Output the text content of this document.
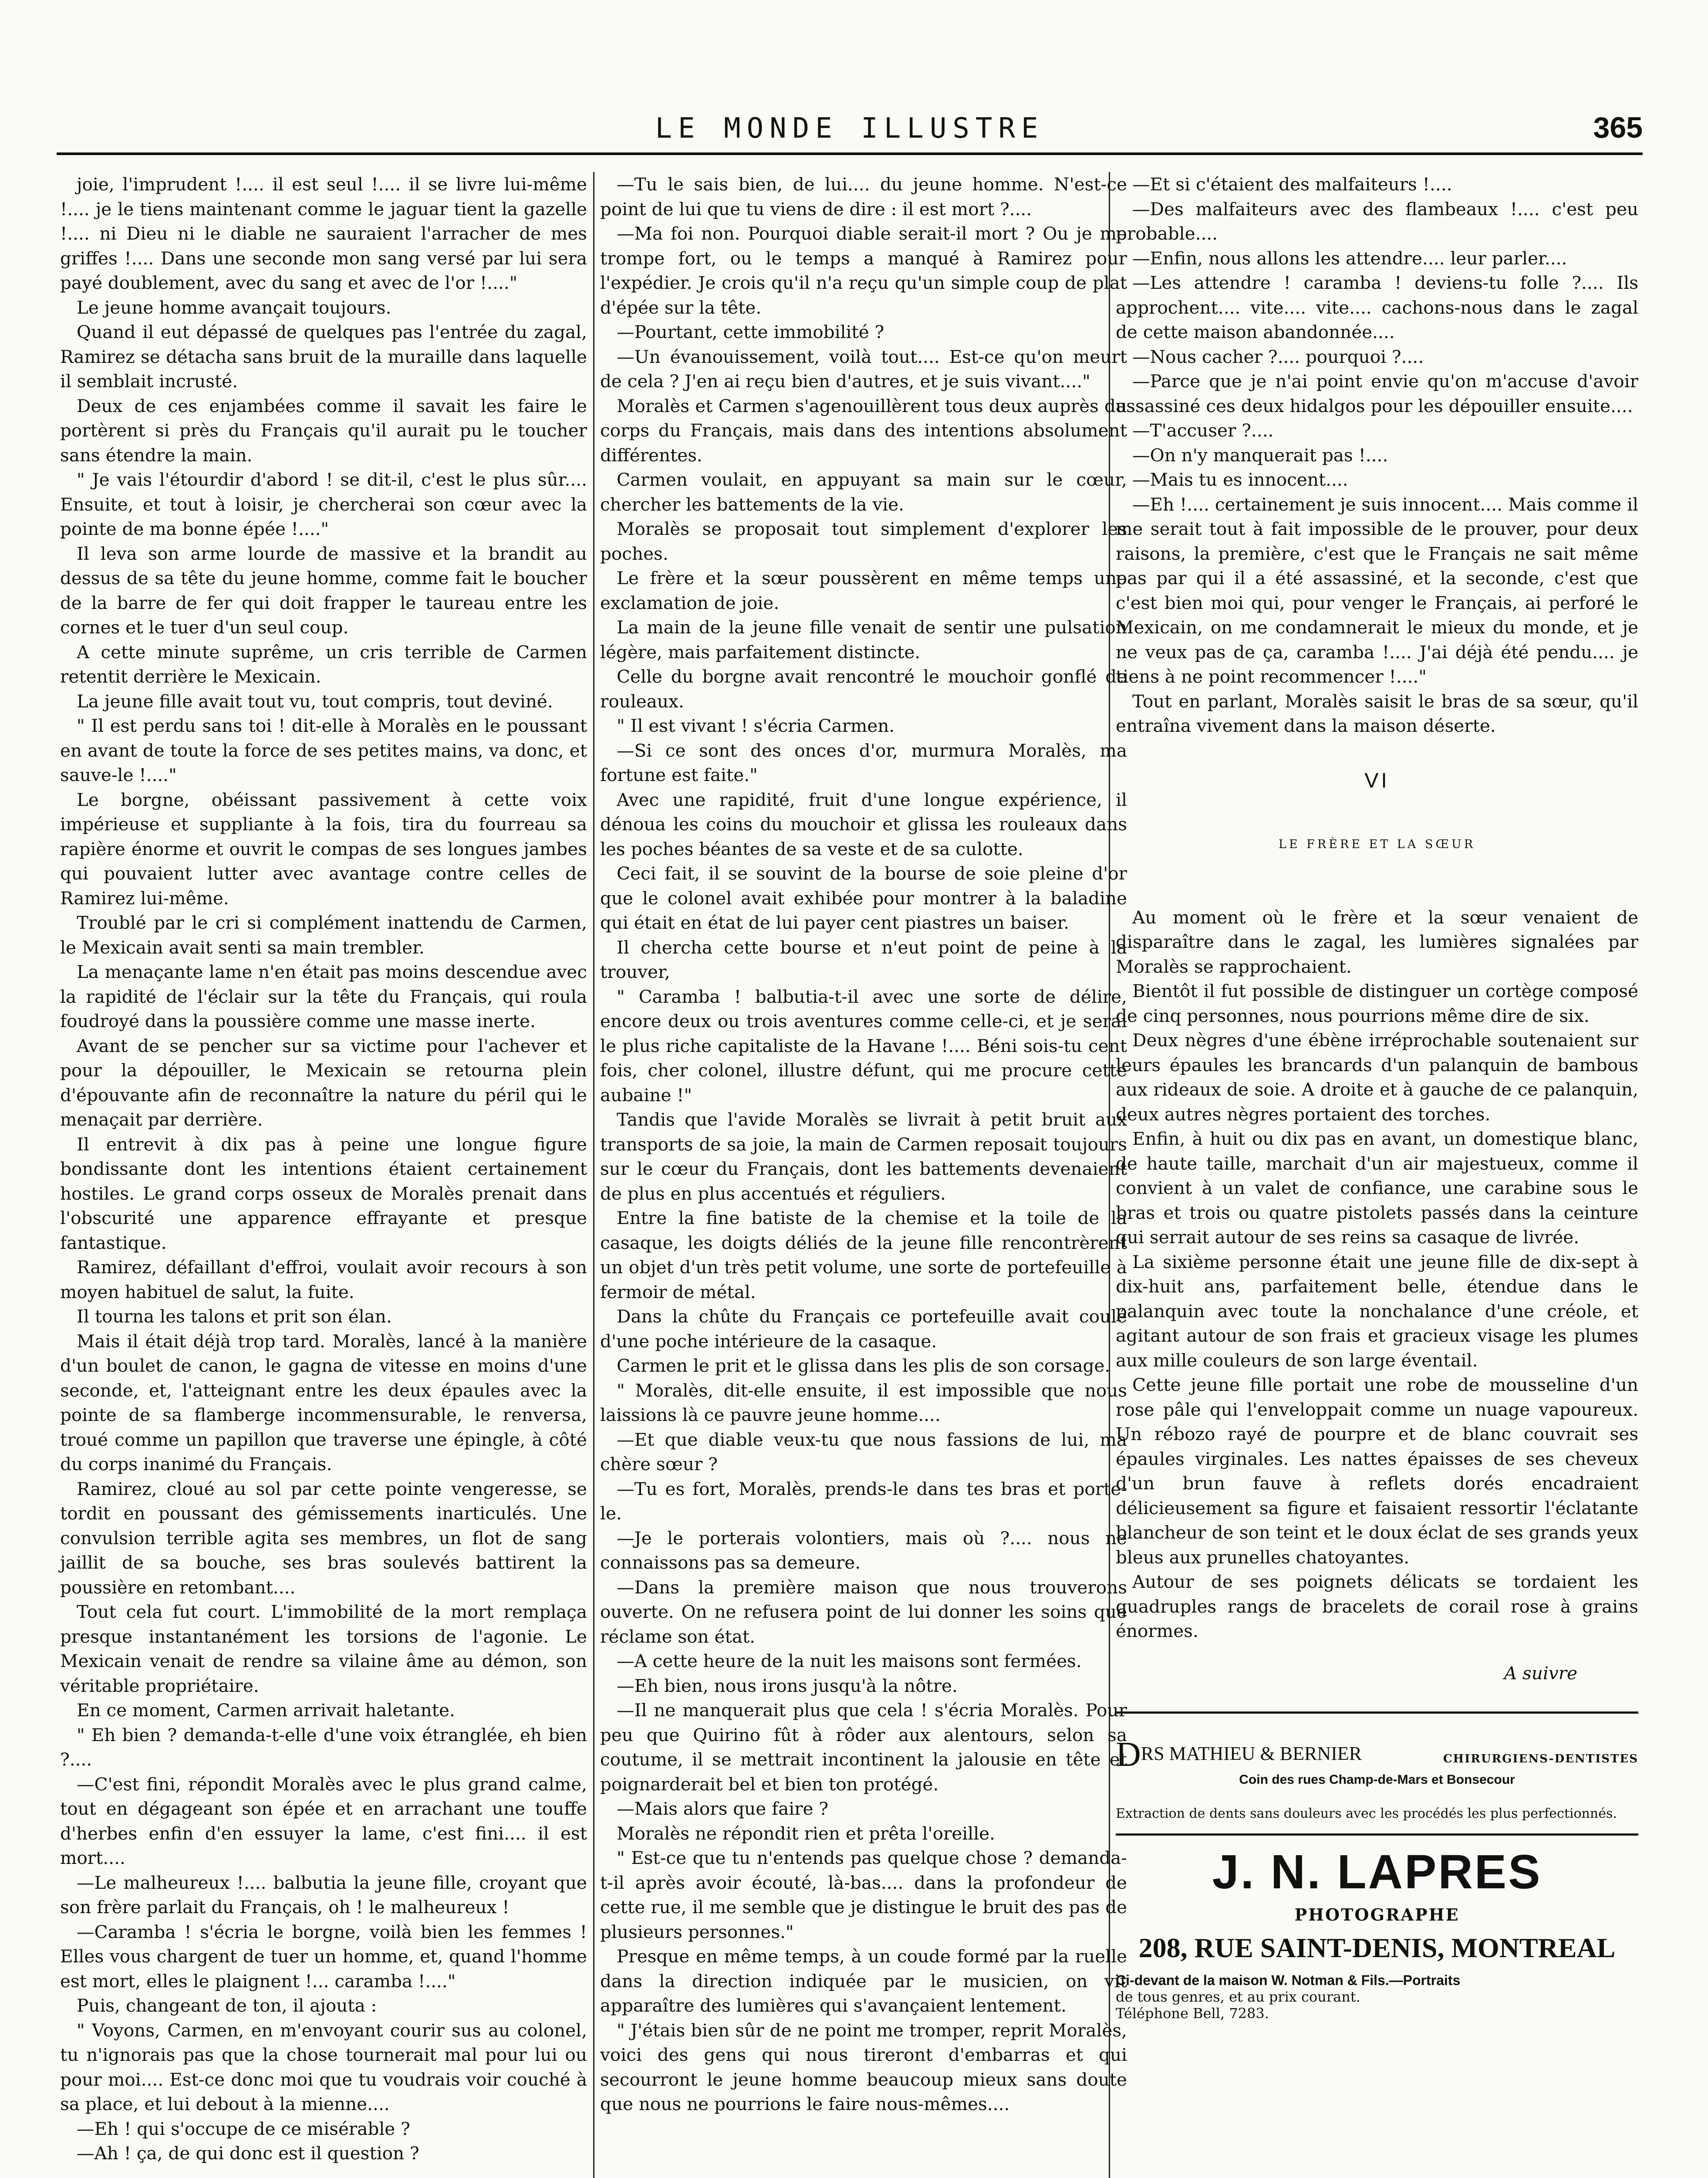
LE MONDE ILLUSTRE	365

joie, l'imprudent !.... il est seul !.... il se livre lui-même !.... je le tiens maintenant comme le jaguar tient la gazelle !.... ni Dieu ni le diable ne sauraient l'arracher de mes griffes !.... Dans une seconde mon sang versé par lui sera payé doublement, avec du sang et avec de l'or !...."

Le jeune homme avançait toujours.

Quand il eut dépassé de quelques pas l'entrée du zagal, Ramirez se détacha sans bruit de la muraille dans laquelle il semblait incrusté.

Deux de ces enjambées comme il savait les faire le portèrent si près du Français qu'il aurait pu le toucher sans étendre la main.

" Je vais l'étourdir d'abord ! se dit-il, c'est le plus sûr.... Ensuite, et tout à loisir, je chercherai son cœur avec la pointe de ma bonne épée !...."

Il leva son arme lourde de massive et la brandit au dessus de sa tête du jeune homme, comme fait le boucher de la barre de fer qui doit frapper le taureau entre les cornes et le tuer d'un seul coup.

A cette minute suprême, un cris terrible de Carmen retentit derrière le Mexicain.

La jeune fille avait tout vu, tout compris, tout deviné.

" Il est perdu sans toi ! dit-elle à Moralès en le poussant en avant de toute la force de ses petites mains, va donc, et sauve-le !...."

Le borgne, obéissant passivement à cette voix impérieuse et suppliante à la fois, tira du fourreau sa rapière énorme et ouvrit le compas de ses longues jambes qui pouvaient lutter avec avantage contre celles de Ramirez lui-même.

Troublé par le cri si complément inattendu de Carmen, le Mexicain avait senti sa main trembler.

La menaçante lame n'en était pas moins descendue avec la rapidité de l'éclair sur la tête du Français, qui roula foudroyé dans la poussière comme une masse inerte.

Avant de se pencher sur sa victime pour l'achever et pour la dépouiller, le Mexicain se retourna plein d'épouvante afin de reconnaître la nature du péril qui le menaçait par derrière.

Il entrevit à dix pas à peine une longue figure bondissante dont les intentions étaient certainement hostiles. Le grand corps osseux de Moralès prenait dans l'obscurité une apparence effrayante et presque fantastique.

Ramirez, défaillant d'effroi, voulait avoir recours à son moyen habituel de salut, la fuite.

Il tourna les talons et prit son élan.

Mais il était déjà trop tard. Moralès, lancé à la manière d'un boulet de canon, le gagna de vitesse en moins d'une seconde, et, l'atteignant entre les deux épaules avec la pointe de sa flamberge incommensurable, le renversa, troué comme un papillon que traverse une épingle, à côté du corps inanimé du Français.

Ramirez, cloué au sol par cette pointe vengeresse, se tordit en poussant des gémissements inarticulés. Une convulsion terrible agita ses membres, un flot de sang jaillit de sa bouche, ses bras soulevés battirent la poussière en retombant....

Tout cela fut court. L'immobilité de la mort remplaça presque instantanément les torsions de l'agonie. Le Mexicain venait de rendre sa vilaine âme au démon, son véritable propriétaire.

En ce moment, Carmen arrivait haletante.

" Eh bien ? demanda-t-elle d'une voix étranglée, eh bien ?....

—C'est fini, répondit Moralès avec le plus grand calme, tout en dégageant son épée et en arrachant une touffe d'herbes enfin d'en essuyer la lame, c'est fini.... il est mort....

—Le malheureux !.... balbutia la jeune fille, croyant que son frère parlait du Français, oh ! le malheureux !

—Caramba ! s'écria le borgne, voilà bien les femmes ! Elles vous chargent de tuer un homme, et, quand l'homme est mort, elles le plaignent !... caramba !...."

Puis, changeant de ton, il ajouta :

" Voyons, Carmen, en m'envoyant courir sus au colonel, tu n'ignorais pas que la chose tournerait mal pour lui ou pour moi.... Est-ce donc moi que tu voudrais voir couché à sa place, et lui debout à la mienne....

—Eh ! qui s'occupe de ce misérable ?

—Ah ! ça, de qui donc est il question ?

—Tu le sais bien, de lui.... du jeune homme. N'est-ce point de lui que tu viens de dire : il est mort ?....

—Ma foi non. Pourquoi diable serait-il mort ? Ou je me trompe fort, ou le temps a manqué à Ramirez pour l'expédier. Je crois qu'il n'a reçu qu'un simple coup de plat d'épée sur la tête.

—Pourtant, cette immobilité ?

—Un évanouissement, voilà tout.... Est-ce qu'on meurt de cela ? J'en ai reçu bien d'autres, et je suis vivant...."

Moralès et Carmen s'agenouillèrent tous deux auprès du corps du Français, mais dans des intentions absolument différentes.

Carmen voulait, en appuyant sa main sur le cœur, chercher les battements de la vie.

Moralès se proposait tout simplement d'explorer les poches.

Le frère et la sœur poussèrent en même temps une exclamation de joie.

La main de la jeune fille venait de sentir une pulsation légère, mais parfaitement distincte.

Celle du borgne avait rencontré le mouchoir gonflé de rouleaux.

" Il est vivant ! s'écria Carmen.

—Si ce sont des onces d'or, murmura Moralès, ma fortune est faite."

Avec une rapidité, fruit d'une longue expérience, il dénoua les coins du mouchoir et glissa les rouleaux dans les poches béantes de sa veste et de sa culotte.

Ceci fait, il se souvint de la bourse de soie pleine d'or que le colonel avait exhibée pour montrer à la baladine qui était en état de lui payer cent piastres un baiser.

Il chercha cette bourse et n'eut point de peine à la trouver,

" Caramba ! balbutia-t-il avec une sorte de délire, encore deux ou trois aventures comme celle-ci, et je serai le plus riche capitaliste de la Havane !.... Béni sois-tu cent fois, cher colonel, illustre défunt, qui me procure cette aubaine !"

Tandis que l'avide Moralès se livrait à petit bruit aux transports de sa joie, la main de Carmen reposait toujours sur le cœur du Français, dont les battements devenaient de plus en plus accentués et réguliers.

Entre la fine batiste de la chemise et la toile de la casaque, les doigts déliés de la jeune fille rencontrèrent un objet d'un très petit volume, une sorte de portefeuille à fermoir de métal.

Dans la chûte du Français ce portefeuille avait coulé d'une poche intérieure de la casaque.

Carmen le prit et le glissa dans les plis de son corsage.

" Moralès, dit-elle ensuite, il est impossible que nous laissions là ce pauvre jeune homme....

—Et que diable veux-tu que nous fassions de lui, ma chère sœur ?

—Tu es fort, Moralès, prends-le dans tes bras et porte-le.

—Je le porterais volontiers, mais où ?.... nous ne connaissons pas sa demeure.

—Dans la première maison que nous trouverons ouverte. On ne refusera point de lui donner les soins que réclame son état.

—A cette heure de la nuit les maisons sont fermées.

—Eh bien, nous irons jusqu'à la nôtre.

—Il ne manquerait plus que cela ! s'écria Moralès. Pour peu que Quirino fût à rôder aux alentours, selon sa coutume, il se mettrait incontinent la jalousie en tête et poignarderait bel et bien ton protégé.

—Mais alors que faire ?

Moralès ne répondit rien et prêta l'oreille.

" Est-ce que tu n'entends pas quelque chose ? demanda-t-il après avoir écouté, là-bas.... dans la profondeur de cette rue, il me semble que je distingue le bruit des pas de plusieurs personnes."

Presque en même temps, à un coude formé par la ruelle dans la direction indiquée par le musicien, on vit apparaître des lumières qui s'avançaient lentement.

" J'étais bien sûr de ne point me tromper, reprit Moralès, voici des gens qui nous tireront d'embarras et qui secourront le jeune homme beaucoup mieux sans doute que nous ne pourrions le faire nous-mêmes....

—Et si c'étaient des malfaiteurs !....

—Des malfaiteurs avec des flambeaux !.... c'est peu probable....

—Enfin, nous allons les attendre.... leur parler....

—Les attendre ! caramba ! deviens-tu folle ?.... Ils approchent.... vite.... vite.... cachons-nous dans le zagal de cette maison abandonnée....

—Nous cacher ?.... pourquoi ?....

—Parce que je n'ai point envie qu'on m'accuse d'avoir assassiné ces deux hidalgos pour les dépouiller ensuite....

—T'accuser ?....

—On n'y manquerait pas !....

—Mais tu es innocent....

—Eh !.... certainement je suis innocent.... Mais comme il me serait tout à fait impossible de le prouver, pour deux raisons, la première, c'est que le Français ne sait même pas par qui il a été assassiné, et la seconde, c'est que c'est bien moi qui, pour venger le Français, ai perforé le Mexicain, on me condamnerait le mieux du monde, et je ne veux pas de ça, caramba !.... J'ai déjà été pendu.... je tiens à ne point recommencer !...."

Tout en parlant, Moralès saisit le bras de sa sœur, qu'il entraîna vivement dans la maison déserte.

VI
LE FRÈRE ET LA SŒUR

Au moment où le frère et la sœur venaient de disparaître dans le zagal, les lumières signalées par Moralès se rapprochaient.

Bientôt il fut possible de distinguer un cortège composé de cinq personnes, nous pourrions même dire de six.

Deux nègres d'une ébène irréprochable soutenaient sur leurs épaules les brancards d'un palanquin de bambous aux rideaux de soie. A droite et à gauche de ce palanquin, deux autres nègres portaient des torches.

Enfin, à huit ou dix pas en avant, un domestique blanc, de haute taille, marchait d'un air majestueux, comme il convient à un valet de confiance, une carabine sous le bras et trois ou quatre pistolets passés dans la ceinture qui serrait autour de ses reins sa casaque de livrée.

La sixième personne était une jeune fille de dix-sept à dix-huit ans, parfaitement belle, étendue dans le palanquin avec toute la nonchalance d'une créole, et agitant autour de son frais et gracieux visage les plumes aux mille couleurs de son large éventail.

Cette jeune fille portait une robe de mousseline d'un rose pâle qui l'enveloppait comme un nuage vapoureux. Un rébozo rayé de pourpre et de blanc couvrait ses épaules virginales. Les nattes épaisses de ses cheveux d'un brun fauve à reflets dorés encadraient délicieusement sa figure et faisaient ressortir l'éclatante blancheur de son teint et le doux éclat de ses grands yeux bleus aux prunelles chatoyantes.

Autour de ses poignets délicats se tordaient les quadruples rangs de bracelets de corail rose à grains énormes.

A suivre
DRS MATHIEU & BERNIER	CHIRURGIENS-DENTISTES
Coin des rues Champ-de-Mars et Bonsecour
Extraction de dents sans douleurs avec les procédés les plus perfectionnés.
J. N. LAPRES
PHOTOGRAPHE
208, RUE SAINT-DENIS, MONTREAL
Ci-devant de la maison W. Notman & Fils.—Portraits
de tous genres, et au prix courant.
Téléphone Bell, 7283.
